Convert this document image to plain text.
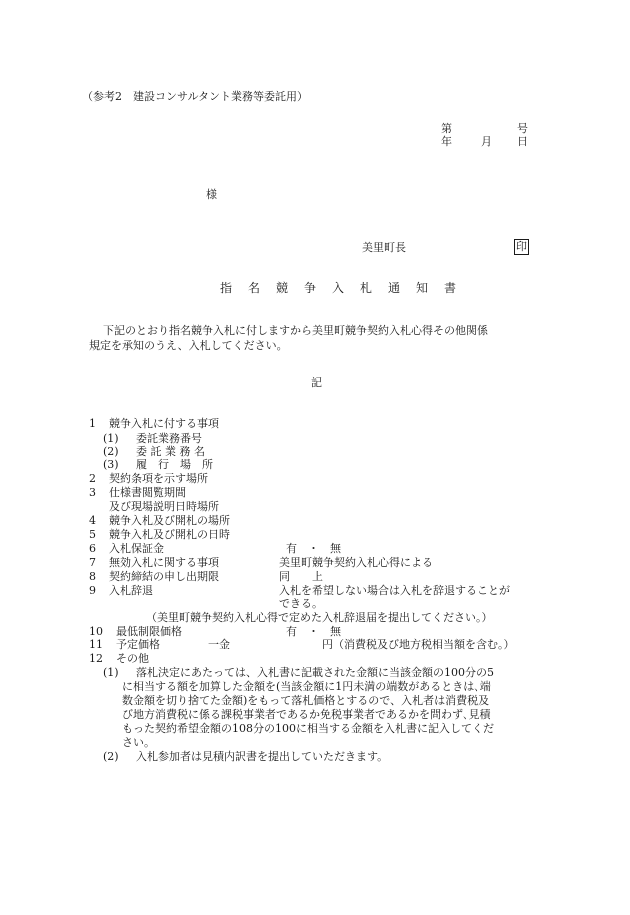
（参考2　建設コンサルタント業務等委託用）
第	号
年	月 日
様
美里町長	印
指　名　競　争　入　札　通　知　書
下記のとおり指名競争入札に付しますから美里町競争契約入札心得その他関係
規定を承知のうえ、入札してください。
記
1 競争入札に付する事項
(1) 委託業務番号
(2) 委 託 業 務 名
(3) 履　行　場　所
2 契約条項を示す場所
3 仕様書閲覧期間
及び現場説明日時場所
4 競争入札及び開札の場所
5 競争入札及び開札の日時
6 入札保証金	有　・　無
7 無効入札に関する事項	美里町競争契約入札心得による
8 契約締結の申し出期限	同　　上
9 入札辞退	入札を希望しない場合は入札を辞退することが
できる。
（美里町競争契約入札心得で定めた入札辞退届を提出してください。）
10 最低制限価格	有　・　無
11 予定価格	一金	円（消費税及び地方税相当額を含む。）
12 その他
(1) 落札決定にあたっては、入札書に記載された金額に当該金額の100分の5
に相当する額を加算した金額を(当該金額に1円未満の端数があるときは､端
数金額を切り捨てた金額)をもって落札価格とするので、入札者は消費税及
び地方消費税に係る課税事業者であるか免税事業者であるかを問わず､見積
もった契約希望金額の108分の100に相当する金額を入札書に記入してくだ
さい。
(2) 入札参加者は見積内訳書を提出していただきます。
